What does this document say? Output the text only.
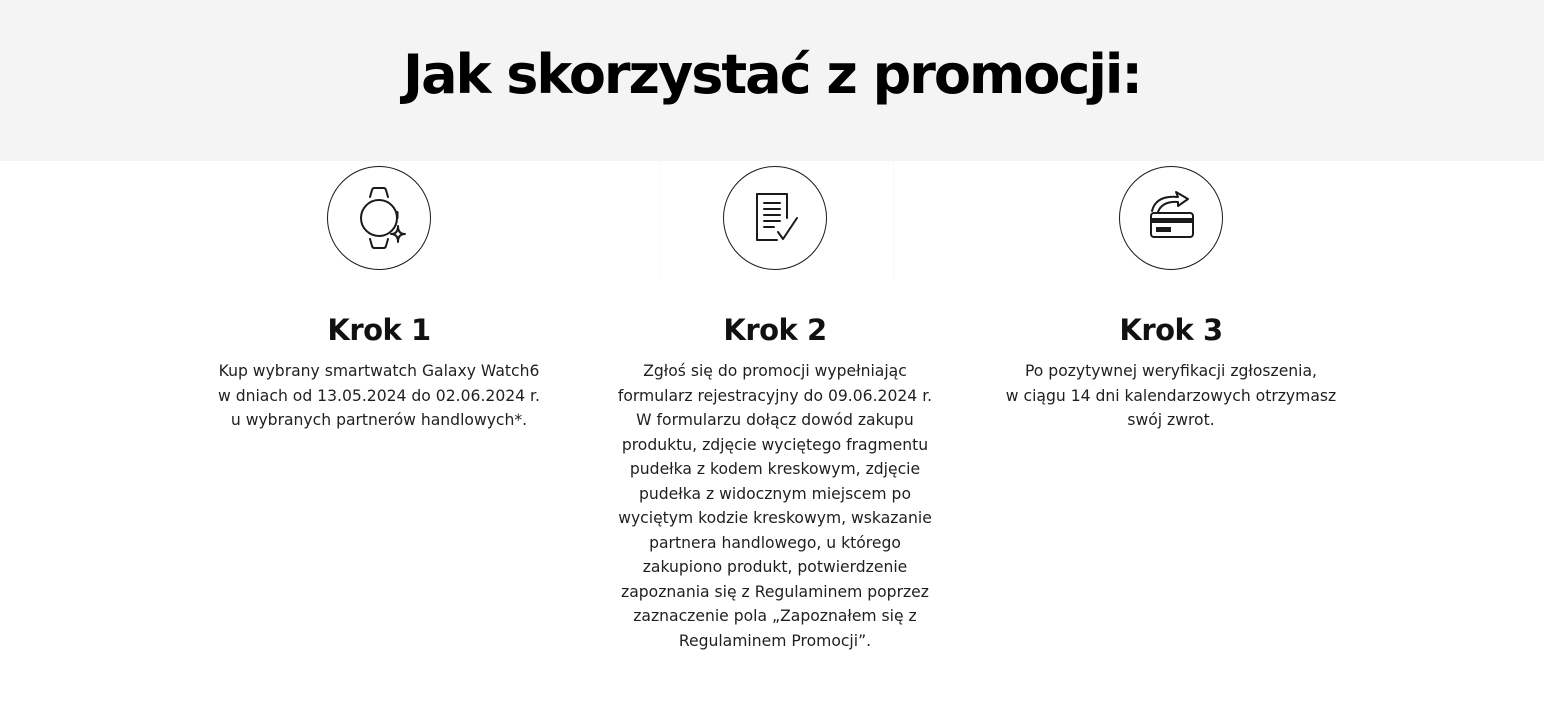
Jak skorzystać z promocji:
Krok 1
Kup wybrany smartwatch Galaxy Watch6
w dniach od 13.05.2024 do 02.06.2024 r.
u wybranych partnerów handlowych*.
Krok 2
Zgłoś się do promocji wypełniając
formularz rejestracyjny do 09.06.2024 r.
W formularzu dołącz dowód zakupu
produktu, zdjęcie wyciętego fragmentu
pudełka z kodem kreskowym, zdjęcie
pudełka z widocznym miejscem po
wyciętym kodzie kreskowym, wskazanie
partnera handlowego, u którego
zakupiono produkt, potwierdzenie
zapoznania się z Regulaminem poprzez
zaznaczenie pola „Zapoznałem się z
Regulaminem Promocji”.
Krok 3
Po pozytywnej weryfikacji zgłoszenia,
w ciągu 14 dni kalendarzowych otrzymasz
swój zwrot.
